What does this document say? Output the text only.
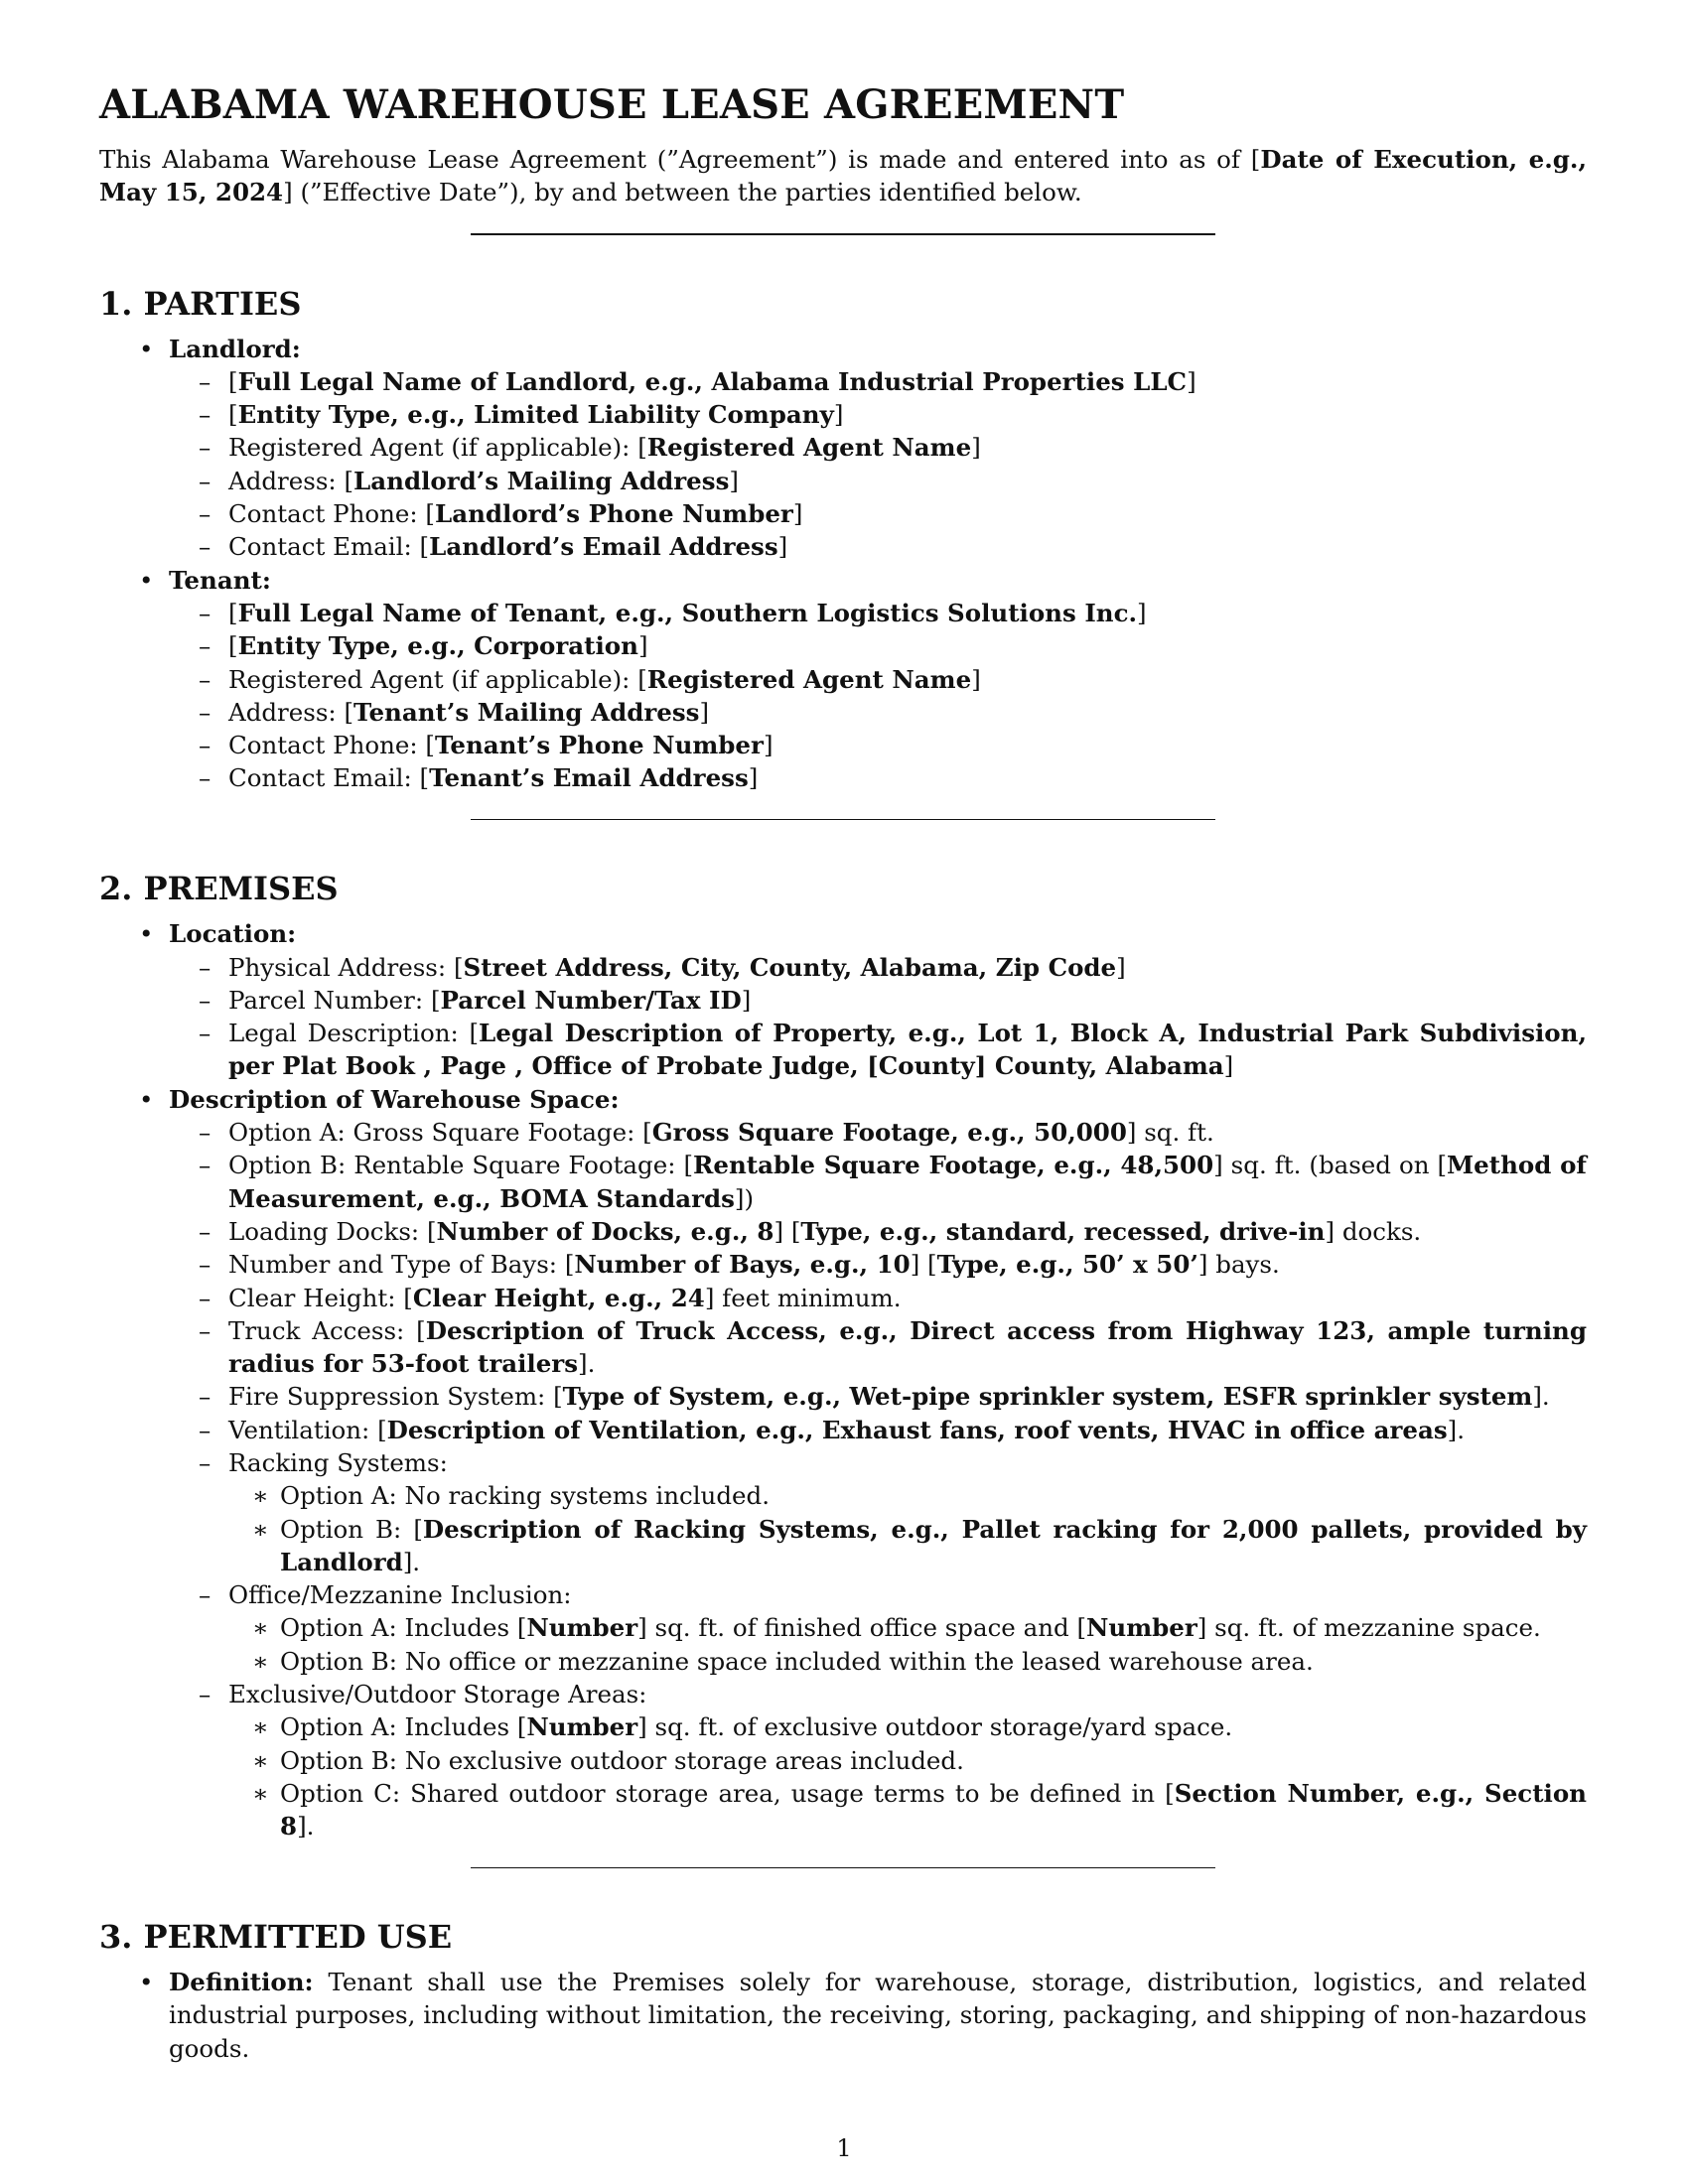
ALABAMA WAREHOUSE LEASE AGREEMENT
This Alabama Warehouse Lease Agreement (”Agreement”) is made and entered into as of [Date of Execution, e.g., May 15, 2024] (”Effective Date”), by and between the parties identified below.
1. PARTIES
• Landlord:
– [Full Legal Name of Landlord, e.g., Alabama Industrial Properties LLC]
– [Entity Type, e.g., Limited Liability Company]
– Registered Agent (if applicable): [Registered Agent Name]
– Address: [Landlord’s Mailing Address]
– Contact Phone: [Landlord’s Phone Number]
– Contact Email: [Landlord’s Email Address]
• Tenant:
– [Full Legal Name of Tenant, e.g., Southern Logistics Solutions Inc.]
– [Entity Type, e.g., Corporation]
– Registered Agent (if applicable): [Registered Agent Name]
– Address: [Tenant’s Mailing Address]
– Contact Phone: [Tenant’s Phone Number]
– Contact Email: [Tenant’s Email Address]
2. PREMISES
• Location:
– Physical Address: [Street Address, City, County, Alabama, Zip Code]
– Parcel Number: [Parcel Number/Tax ID]
– Legal Description: [Legal Description of Property, e.g., Lot 1, Block A, Industrial Park Subdivision, per Plat Book , Page , Office of Probate Judge, [County] County, Alabama]
• Description of Warehouse Space:
– Option A: Gross Square Footage: [Gross Square Footage, e.g., 50,000] sq. ft.
– Option B: Rentable Square Footage: [Rentable Square Footage, e.g., 48,500] sq. ft. (based on [Method of Measurement, e.g., BOMA Standards])
– Loading Docks: [Number of Docks, e.g., 8] [Type, e.g., standard, recessed, drive-in] docks.
– Number and Type of Bays: [Number of Bays, e.g., 10] [Type, e.g., 50’ x 50’] bays.
– Clear Height: [Clear Height, e.g., 24] feet minimum.
– Truck Access: [Description of Truck Access, e.g., Direct access from Highway 123, ample turning radius for 53-foot trailers].
– Fire Suppression System: [Type of System, e.g., Wet-pipe sprinkler system, ESFR sprinkler system].
– Ventilation: [Description of Ventilation, e.g., Exhaust fans, roof vents, HVAC in office areas].
– Racking Systems:
∗ Option A: No racking systems included.
∗ Option B: [Description of Racking Systems, e.g., Pallet racking for 2,000 pallets, provided by Landlord].
– Office/Mezzanine Inclusion:
∗ Option A: Includes [Number] sq. ft. of finished office space and [Number] sq. ft. of mezzanine space.
∗ Option B: No office or mezzanine space included within the leased warehouse area.
– Exclusive/Outdoor Storage Areas:
∗ Option A: Includes [Number] sq. ft. of exclusive outdoor storage/yard space.
∗ Option B: No exclusive outdoor storage areas included.
∗ Option C: Shared outdoor storage area, usage terms to be defined in [Section Number, e.g., Section 8].
3. PERMITTED USE
• Definition: Tenant shall use the Premises solely for warehouse, storage, distribution, logistics, and related industrial purposes, including without limitation, the receiving, storing, packaging, and shipping of non-hazardous goods.
1
